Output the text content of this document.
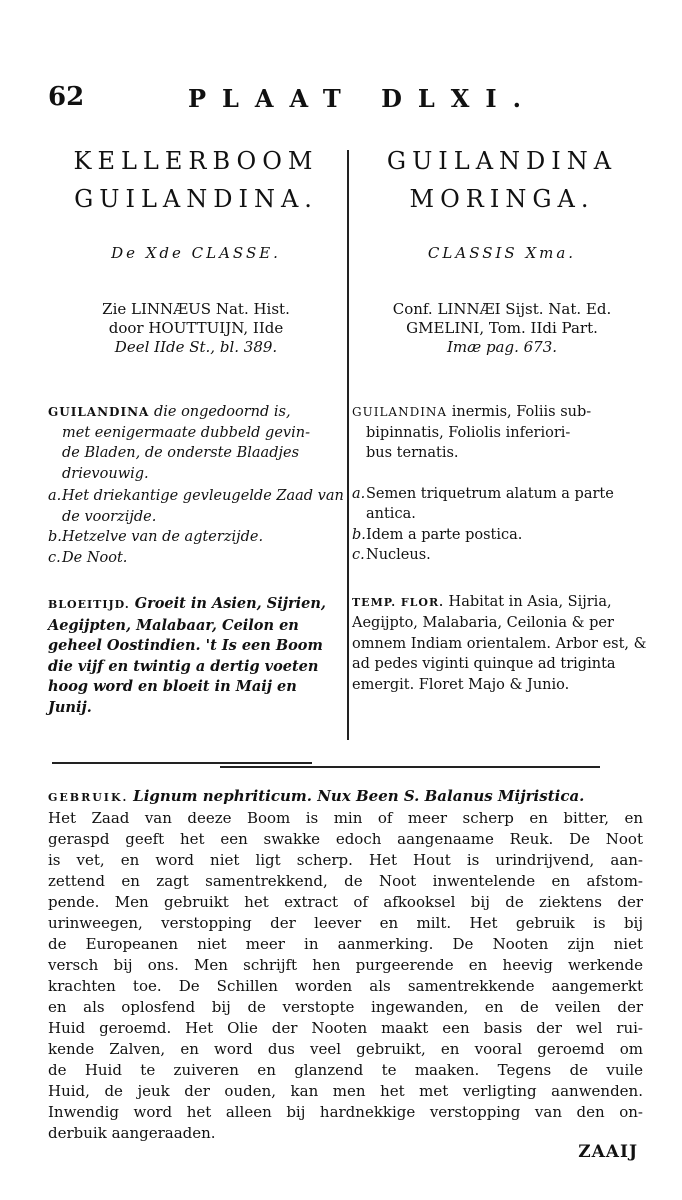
62	PLAAT DLXI.
KELLERBOOM
GUILANDINA.
De Xde CLASSE.
Zie LINNÆUS Nat. Hist.
door HOUTTUIJN, IIde
Deel IIde St., bl. 389.
GUILANDINA die ongedoornd is,
met eenigermaate dubbeld gevin-
de Bladen, de onderste Blaadjes
drievouwig.
a. Het driekantige gevleugelde Zaad van de voorzijde.
b. Hetzelve van de agterzijde.
c. De Noot.
BLOEITIJD. Groeit in Asien, Sijrien, Aegijpten, Malabaar, Ceilon en geheel Oostindien. 't Is een Boom die vijf en twintig a dertig voeten hoog word en bloeit in Maij en Junij.
GUILANDINA
MORINGA.
CLASSIS Xma.
Conf. LINNÆI Sijst. Nat. Ed.
GMELINI, Tom. IIdi Part.
Imæ pag. 673.
GUILANDINA inermis, Foliis sub-
bipinnatis, Foliolis inferiori-
bus ternatis.
a. Semen triquetrum alatum a parte antica.
b. Idem a parte postica.
c. Nucleus.
TEMP. FLOR. Habitat in Asia, Sijria, Aegijpto, Malabaria, Ceilonia & per omnem Indiam orientalem. Arbor est, & ad pedes viginti quinque ad triginta emergit. Floret Majo & Junio.
GEBRUIK. Lignum nephriticum. Nux Been S. Balanus Mijristica.
Het Zaad van deeze Boom is min of meer scherp en bitter, en
geraspd geeft het een swakke edoch aangenaame Reuk. De Noot
is vet, en word niet ligt scherp. Het Hout is urindrijvend, aan-
zettend en zagt samentrekkend, de Noot inwentelende en afstom-
pende. Men gebruikt het extract of afkooksel bij de ziektens der
urinweegen, verstopping der leever en milt. Het gebruik is bij
de Europeanen niet meer in aanmerking. De Nooten zijn niet
versch bij ons. Men schrijft hen purgeerende en heevig werkende
krachten toe. De Schillen worden als samentrekkende aangemerkt
en als oplosfend bij de verstopte ingewanden, en de veilen der
Huid geroemd. Het Olie der Nooten maakt een basis der wel rui-
kende Zalven, en word dus veel gebruikt, en vooral geroemd om
de Huid te zuiveren en glanzend te maaken. Tegens de vuile
Huid, de jeuk der ouden, kan men het met verligting aanwenden.
Inwendig word het alleen bij hardnekkige verstopping van den on-
derbuik aangeraaden.
ZAAIJ
